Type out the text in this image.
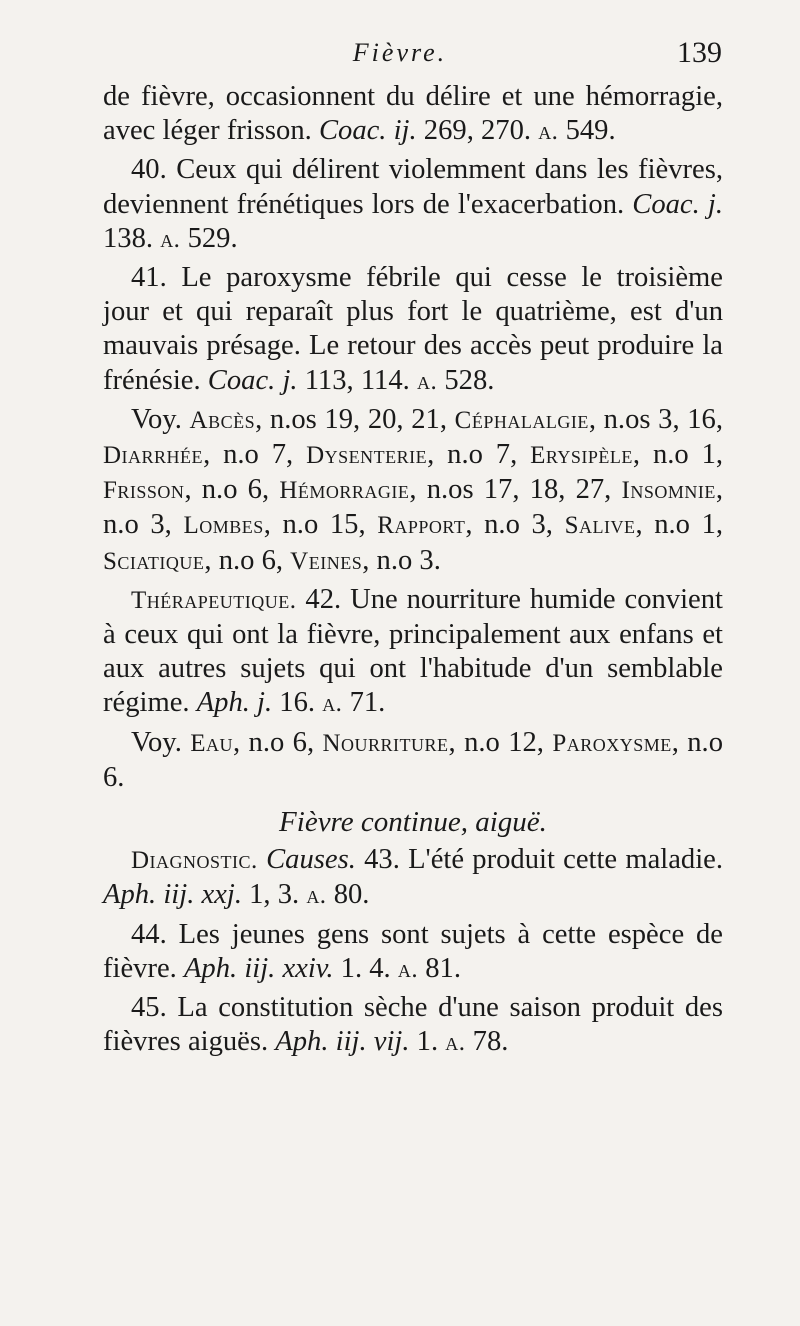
Fièvre.	139

de fièvre, occasionnent du délire et une hémorragie, avec léger frisson. Coac. ij. 269, 270. a. 549.

40. Ceux qui délirent violemment dans les fièvres, deviennent frénétiques lors de l'exacerbation. Coac. j. 138. a. 529.

41. Le paroxysme fébrile qui cesse le troisième jour et qui reparaît plus fort le quatrième, est d'un mauvais présage. Le retour des accès peut produire la frénésie. Coac. j. 113, 114. a. 528.

Voy. Abcès, n.os 19, 20, 21, Céphalalgie, n.os 3, 16, Diarrhée, n.o 7, Dysenterie, n.o 7, Erysipèle, n.o 1, Frisson, n.o 6, Hémorragie, n.os 17, 18, 27, Insomnie, n.o 3, Lombes, n.o 15, Rapport, n.o 3, Salive, n.o 1, Sciatique, n.o 6, Veines, n.o 3.

Thérapeutique. 42. Une nourriture humide convient à ceux qui ont la fièvre, principalement aux enfans et aux autres sujets qui ont l'habitude d'un semblable régime. Aph. j. 16. a. 71.

Voy. Eau, n.o 6, Nourriture, n.o 12, Paroxysme, n.o 6.

Fièvre continue, aiguë.

Diagnostic. Causes. 43. L'été produit cette maladie. Aph. iij. xxj. 1, 3. a. 80.

44. Les jeunes gens sont sujets à cette espèce de fièvre. Aph. iij. xxiv. 1. 4. a. 81.

45. La constitution sèche d'une saison produit des fièvres aiguës. Aph. iij. vij. 1. a. 78.
